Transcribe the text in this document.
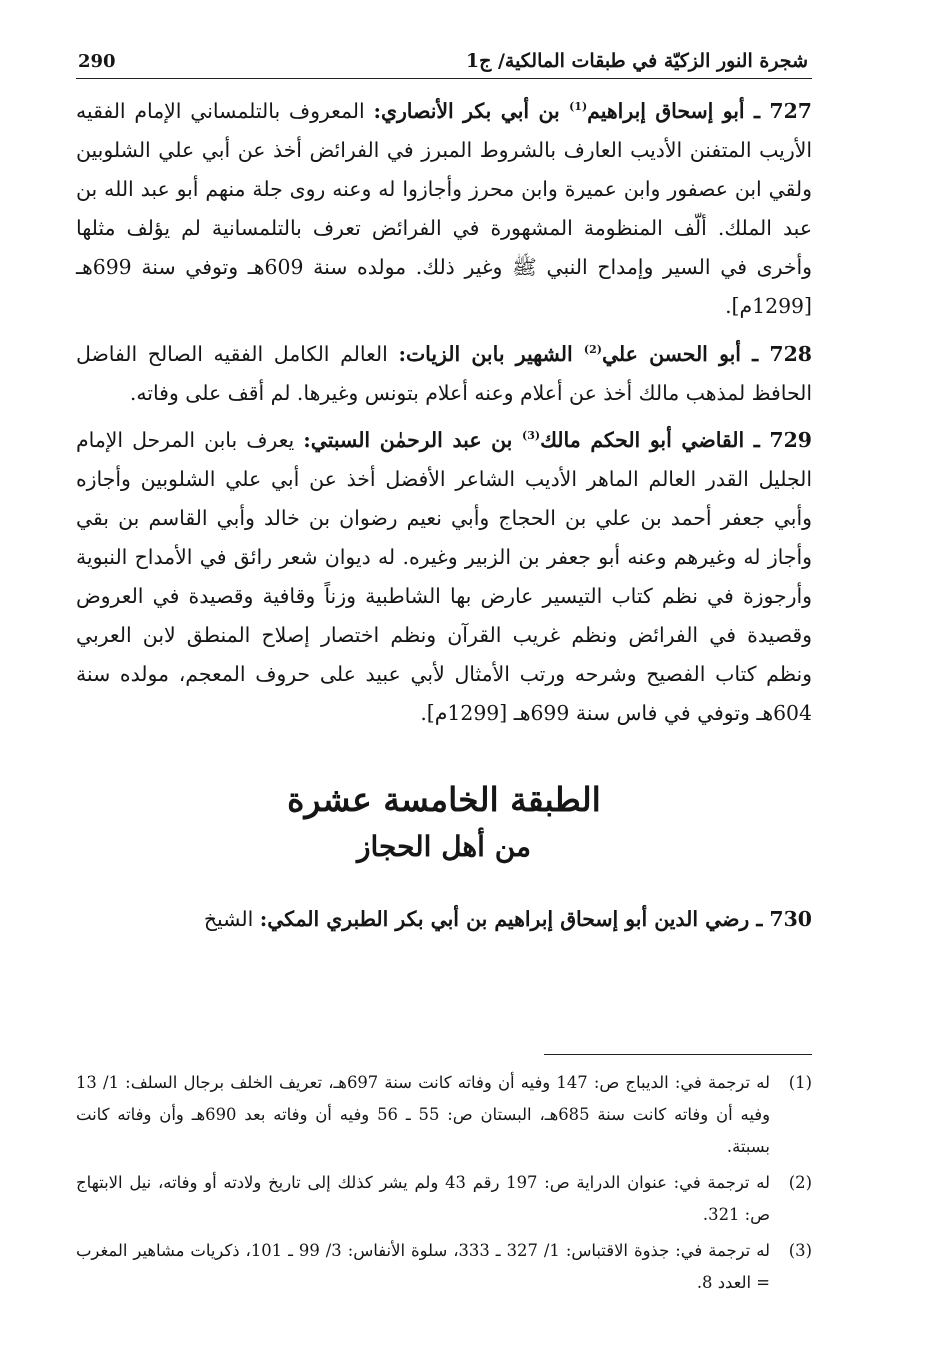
شجرة النور الزكيّة في طبقات المالكية/ ج1
290

727 ـ أبو إسحاق إبراهيم$^{(1)}$ بن أبي بكر الأنصاري: المعروف بالتلمساني الإمام الفقيه الأريب المتفنن الأديب العارف بالشروط المبرز في الفرائض أخذ عن أبي علي الشلوبين ولقي ابن عصفور وابن عميرة وابن محرز وأجازوا له وعنه روى جلة منهم أبو عبد الله بن عبد الملك. ألّف المنظومة المشهورة في الفرائض تعرف بالتلمسانية لم يؤلف مثلها وأخرى في السير وإمداح النبي ﷺ وغير ذلك. مولده سنة 609هـ وتوفي سنة 699هـ [1299م].

728 ـ أبو الحسن علي$^{(2)}$ الشهير بابن الزيات: العالم الكامل الفقيه الصالح الفاضل الحافظ لمذهب مالك أخذ عن أعلام وعنه أعلام بتونس وغيرها. لم أقف على وفاته.

729 ـ القاضي أبو الحكم مالك$^{(3)}$ بن عبد الرحمٰن السبتي: يعرف بابن المرحل الإمام الجليل القدر العالم الماهر الأديب الشاعر الأفضل أخذ عن أبي علي الشلوبين وأجازه وأبي جعفر أحمد بن علي بن الحجاج وأبي نعيم رضوان بن خالد وأبي القاسم بن بقي وأجاز له وغيرهم وعنه أبو جعفر بن الزبير وغيره. له ديوان شعر رائق في الأمداح النبوية وأرجوزة في نظم كتاب التيسير عارض بها الشاطبية وزناً وقافية وقصيدة في العروض وقصيدة في الفرائض ونظم غريب القرآن ونظم اختصار إصلاح المنطق لابن العربي ونظم كتاب الفصيح وشرحه ورتب الأمثال لأبي عبيد على حروف المعجم، مولده سنة 604هـ وتوفي في فاس سنة 699هـ [1299م].

الطبقة الخامسة عشرة
من أهل الحجاز

730 ـ رضي الدين أبو إسحاق إبراهيم بن أبي بكر الطبري المكي: الشيخ

(1)
له ترجمة في: الديباج ص: 147 وفيه أن وفاته كانت سنة 697هـ، تعريف الخلف برجال السلف: 1/ 13 وفيه أن وفاته كانت سنة 685هـ، البستان ص: 55 ـ 56 وفيه أن وفاته بعد 690هـ وأن وفاته كانت بسبتة.

(2)
له ترجمة في: عنوان الدراية ص: 197 رقم 43 ولم يشر كذلك إلى تاريخ ولادته أو وفاته، نيل الابتهاج ص: 321.

(3)
له ترجمة في: جذوة الاقتباس: 1/ 327 ـ 333، سلوة الأنفاس: 3/ 99 ـ 101، ذكريات مشاهير المغرب = العدد 8.
